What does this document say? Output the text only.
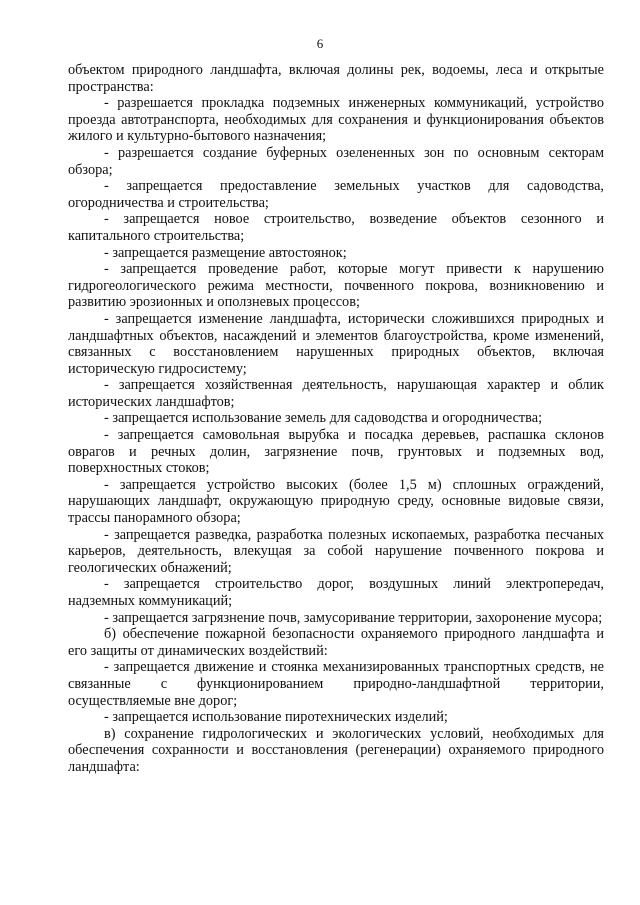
6

объектом природного ландшафта, включая долины рек, водоемы, леса и открытые пространства:

- разрешается прокладка подземных инженерных коммуникаций, устройство проезда автотранспорта, необходимых для сохранения и функционирования объектов жилого и культурно-бытового назначения;

- разрешается создание буферных озелененных зон по основным секторам обзора;

- запрещается предоставление земельных участков для садоводства, огородничества и строительства;

- запрещается новое строительство, возведение объектов сезонного и капитального строительства;

- запрещается размещение автостоянок;

- запрещается проведение работ, которые могут привести к нарушению гидрогеологического режима местности, почвенного покрова, возникновению и развитию эрозионных и оползневых процессов;

- запрещается изменение ландшафта, исторически сложившихся природных и ландшафтных объектов, насаждений и элементов благоустройства, кроме изменений, связанных с восстановлением нарушенных природных объектов, включая историческую гидросистему;

- запрещается хозяйственная деятельность, нарушающая характер и облик исторических ландшафтов;

- запрещается использование земель для садоводства и огородничества;

- запрещается самовольная вырубка и посадка деревьев, распашка склонов оврагов и речных долин, загрязнение почв, грунтовых и подземных вод, поверхностных стоков;

- запрещается устройство высоких (более 1,5 м) сплошных ограждений, нарушающих ландшафт, окружающую природную среду, основные видовые связи, трассы панорамного обзора;

- запрещается разведка, разработка полезных ископаемых, разработка песчаных карьеров, деятельность, влекущая за собой нарушение почвенного покрова и геологических обнажений;

- запрещается строительство дорог, воздушных линий электропередач, надземных коммуникаций;

- запрещается загрязнение почв, замусоривание территории, захоронение мусора;

б) обеспечение пожарной безопасности охраняемого природного ландшафта и его защиты от динамических воздействий:

- запрещается движение и стоянка механизированных транспортных средств, не связанные с функционированием природно-ландшафтной территории, осуществляемые вне дорог;

- запрещается использование пиротехнических изделий;

в) сохранение гидрологических и экологических условий, необходимых для обеспечения сохранности и восстановления (регенерации) охраняемого природного ландшафта:
